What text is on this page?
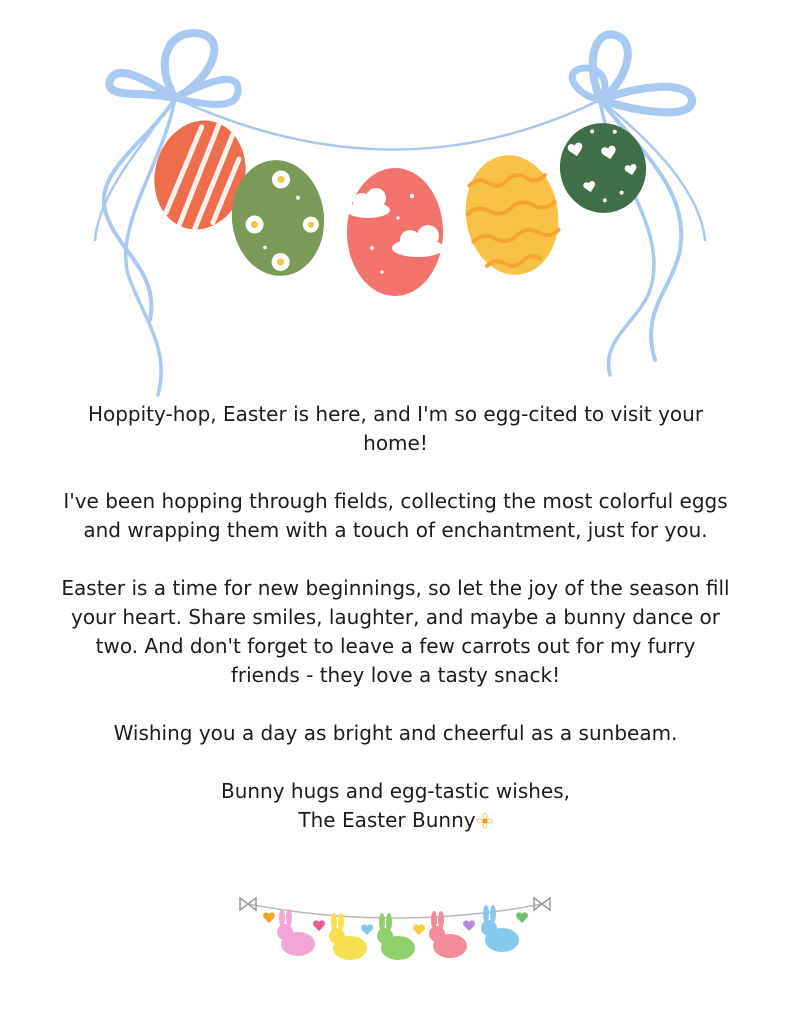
Hoppity-hop, Easter is here, and I'm so egg-cited to visit your home!

I've been hopping through fields, collecting the most colorful eggs and wrapping them with a touch of enchantment, just for you.

Easter is a time for new beginnings, so let the joy of the season fill your heart. Share smiles, laughter, and maybe a bunny dance or two. And don't forget to leave a few carrots out for my furry friends - they love a tasty snack!

Wishing you a day as bright and cheerful as a sunbeam.

Bunny hugs and egg-tastic wishes,
The Easter Bunny
